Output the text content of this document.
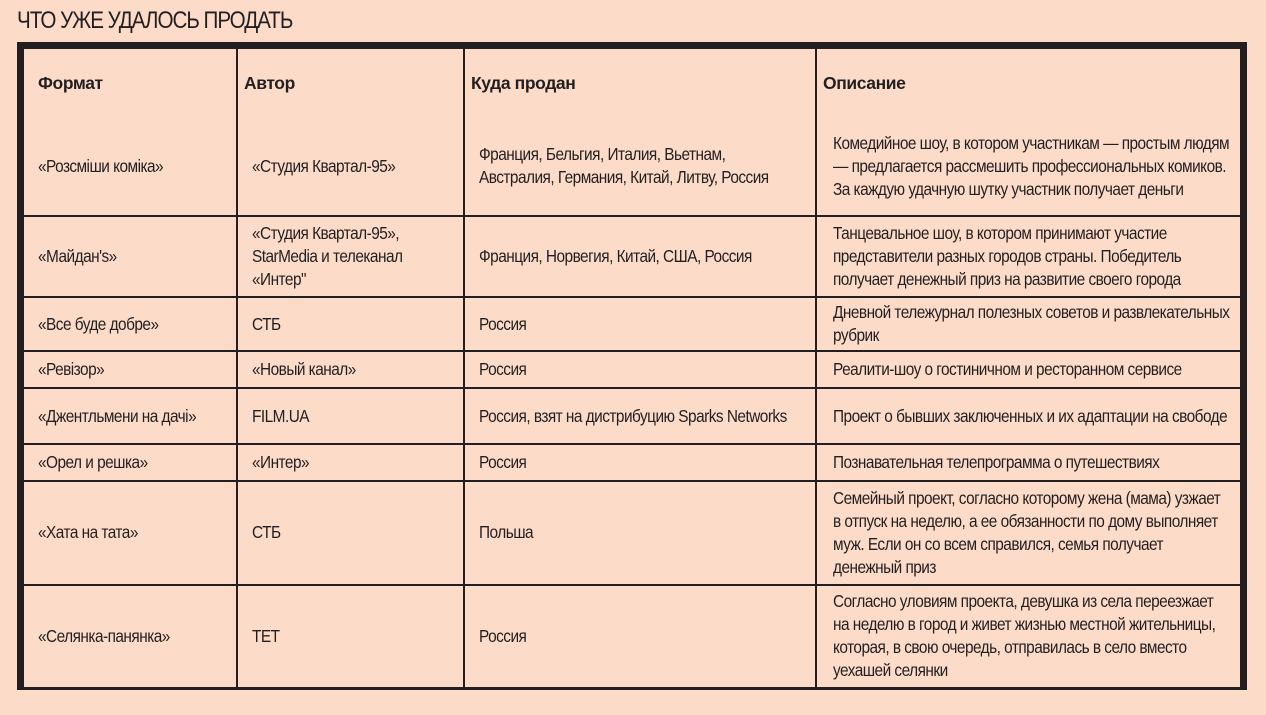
ЧТО УЖЕ УДАЛОСЬ ПРОДАТЬ
Формат	Автор	Куда продан	Описание
«Розсміши коміка»	«Студия Квартал-95»	Франция, Бельгия, Италия, Вьетнам, Австралия, Германия, Китай, Литву, Россия	Комедийное шоу, в котором участникам — простым людям — предлагается рассмешить профессиональных комиков. За каждую удачную шутку участник получает деньги
«Майдан's»	«Студия Квартал-95», StarMedia и телеканал «Интер"	Франция, Норвегия, Китай, США, Россия	Танцевальное шоу, в котором принимают участие представители разных городов страны. Победитель получает денежный приз на развитие своего города
«Все буде добре»	СТБ	Россия	Дневной тележурнал полезных советов и развлекательных рубрик
«Ревізор»	«Новый канал»	Россия	Реалити-шоу о гостиничном и ресторанном сервисе
«Джентльмени на дачі»	FILM.UA	Россия, взят на дистрибуцию Sparks Networks	Проект о бывших заключенных и их адаптации на свободе
«Орел и решка»	«Интер»	Россия	Познавательная телепрограмма о путешествиях
«Хата на тата»	СТБ	Польша	Семейный проект, согласно которому жена (мама) узжает в отпуск на неделю, а ее обязанности по дому выполняет муж. Если он со всем справился, семья получает денежный приз
«Селянка-панянка»	ТЕТ	Россия	Согласно уловиям проекта, девушка из села переезжает на неделю в город и живет жизнью местной жительницы, которая, в свою очередь, отправилась в село вместо уехашей селянки
